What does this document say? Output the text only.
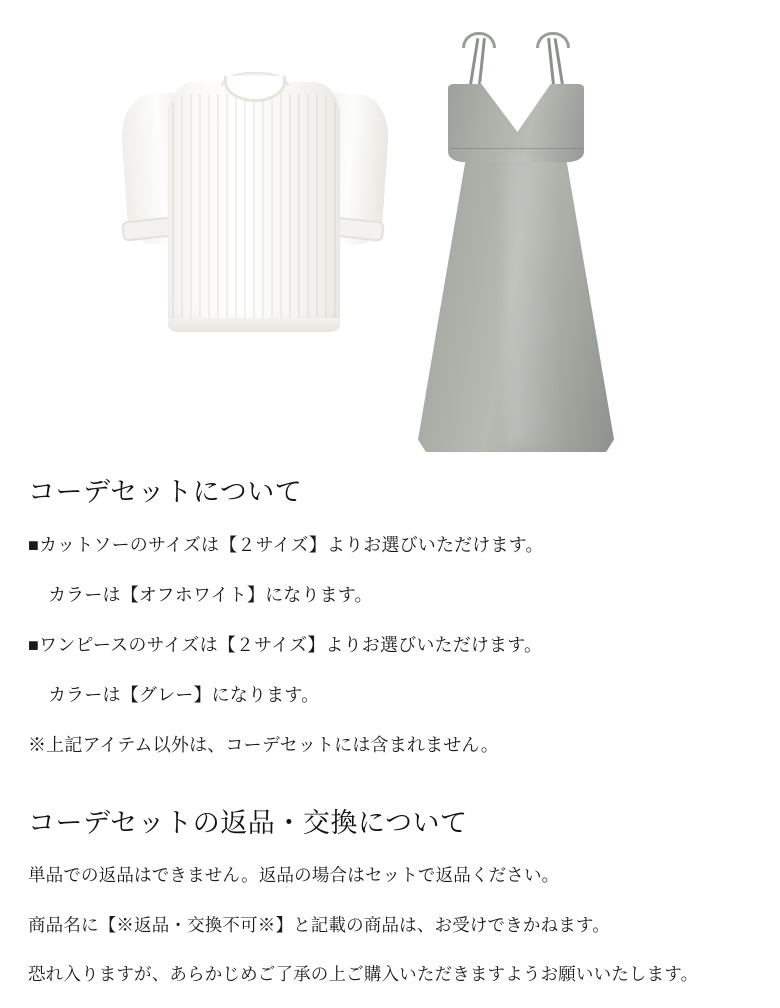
コーデセットについて

■カットソーのサイズは【２サイズ】よりお選びいただけます。

カラーは【オフホワイト】になります。

■ワンピースのサイズは【２サイズ】よりお選びいただけます。

カラーは【グレー】になります。

※上記アイテム以外は、コーデセットには含まれません。

コーデセットの返品・交換について

単品での返品はできません。返品の場合はセットで返品ください。

商品名に【※返品・交換不可※】と記載の商品は、お受けできかねます。

恐れ入りますが、あらかじめご了承の上ご購入いただきますようお願いいたします。
